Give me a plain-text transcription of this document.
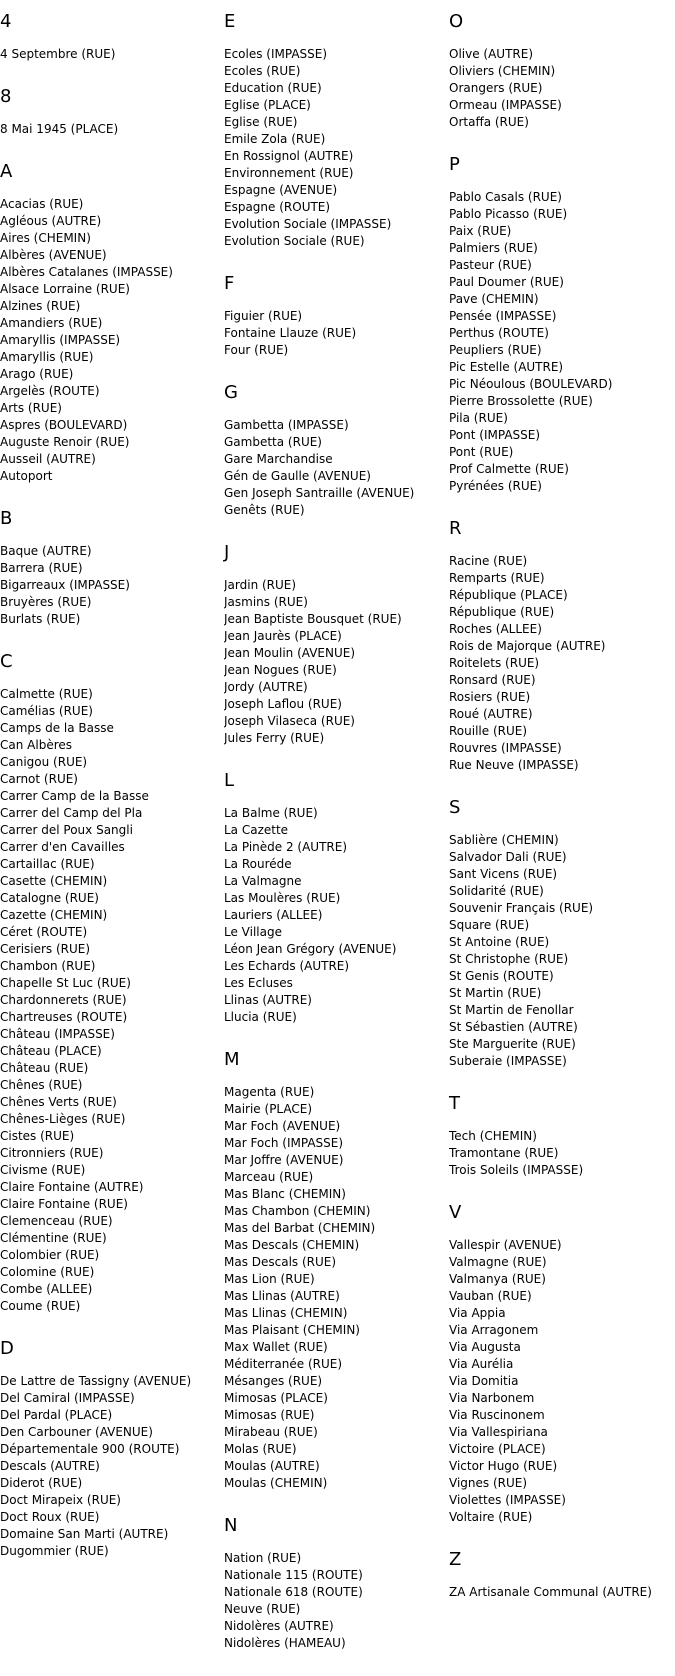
4
4 Septembre (RUE)
8
8 Mai 1945 (PLACE)
A
Acacias (RUE)
Agléous (AUTRE)
Aires (CHEMIN)
Albères (AVENUE)
Albères Catalanes (IMPASSE)
Alsace Lorraine (RUE)
Alzines (RUE)
Amandiers (RUE)
Amaryllis (IMPASSE)
Amaryllis (RUE)
Arago (RUE)
Argelès (ROUTE)
Arts (RUE)
Aspres (BOULEVARD)
Auguste Renoir (RUE)
Ausseil (AUTRE)
Autoport
B
Baque (AUTRE)
Barrera (RUE)
Bigarreaux (IMPASSE)
Bruyères (RUE)
Burlats (RUE)
C
Calmette (RUE)
Camélias (RUE)
Camps de la Basse
Can Albères
Canigou (RUE)
Carnot (RUE)
Carrer Camp de la Basse
Carrer del Camp del Pla
Carrer del Poux Sangli
Carrer d'en Cavailles
Cartaillac (RUE)
Casette (CHEMIN)
Catalogne (RUE)
Cazette (CHEMIN)
Céret (ROUTE)
Cerisiers (RUE)
Chambon (RUE)
Chapelle St Luc (RUE)
Chardonnerets (RUE)
Chartreuses (ROUTE)
Château (IMPASSE)
Château (PLACE)
Château (RUE)
Chênes (RUE)
Chênes Verts (RUE)
Chênes-Lièges (RUE)
Cistes (RUE)
Citronniers (RUE)
Civisme (RUE)
Claire Fontaine (AUTRE)
Claire Fontaine (RUE)
Clemenceau (RUE)
Clémentine (RUE)
Colombier (RUE)
Colomine (RUE)
Combe (ALLEE)
Coume (RUE)
D
De Lattre de Tassigny (AVENUE)
Del Camiral (IMPASSE)
Del Pardal (PLACE)
Den Carbouner (AVENUE)
Départementale 900 (ROUTE)
Descals (AUTRE)
Diderot (RUE)
Doct Mirapeix (RUE)
Doct Roux (RUE)
Domaine San Marti (AUTRE)
Dugommier (RUE)
E
Ecoles (IMPASSE)
Ecoles (RUE)
Education (RUE)
Eglise (PLACE)
Eglise (RUE)
Emile Zola (RUE)
En Rossignol (AUTRE)
Environnement (RUE)
Espagne (AVENUE)
Espagne (ROUTE)
Evolution Sociale (IMPASSE)
Evolution Sociale (RUE)
F
Figuier (RUE)
Fontaine Llauze (RUE)
Four (RUE)
G
Gambetta (IMPASSE)
Gambetta (RUE)
Gare Marchandise
Gén de Gaulle (AVENUE)
Gen Joseph Santraille (AVENUE)
Genêts (RUE)
J
Jardin (RUE)
Jasmins (RUE)
Jean Baptiste Bousquet (RUE)
Jean Jaurès (PLACE)
Jean Moulin (AVENUE)
Jean Nogues (RUE)
Jordy (AUTRE)
Joseph Laflou (RUE)
Joseph Vilaseca (RUE)
Jules Ferry (RUE)
L
La Balme (RUE)
La Cazette
La Pinède 2 (AUTRE)
La Rouréde
La Valmagne
Las Moulères (RUE)
Lauriers (ALLEE)
Le Village
Léon Jean Grégory (AVENUE)
Les Echards (AUTRE)
Les Ecluses
Llinas (AUTRE)
Llucia (RUE)
M
Magenta (RUE)
Mairie (PLACE)
Mar Foch (AVENUE)
Mar Foch (IMPASSE)
Mar Joffre (AVENUE)
Marceau (RUE)
Mas Blanc (CHEMIN)
Mas Chambon (CHEMIN)
Mas del Barbat (CHEMIN)
Mas Descals (CHEMIN)
Mas Descals (RUE)
Mas Lion (RUE)
Mas Llinas (AUTRE)
Mas Llinas (CHEMIN)
Mas Plaisant (CHEMIN)
Max Wallet (RUE)
Méditerranée (RUE)
Mésanges (RUE)
Mimosas (PLACE)
Mimosas (RUE)
Mirabeau (RUE)
Molas (RUE)
Moulas (AUTRE)
Moulas (CHEMIN)
N
Nation (RUE)
Nationale 115 (ROUTE)
Nationale 618 (ROUTE)
Neuve (RUE)
Nidolères (AUTRE)
Nidolères (HAMEAU)
O
Olive (AUTRE)
Oliviers (CHEMIN)
Orangers (RUE)
Ormeau (IMPASSE)
Ortaffa (RUE)
P
Pablo Casals (RUE)
Pablo Picasso (RUE)
Paix (RUE)
Palmiers (RUE)
Pasteur (RUE)
Paul Doumer (RUE)
Pave (CHEMIN)
Pensée (IMPASSE)
Perthus (ROUTE)
Peupliers (RUE)
Pic Estelle (AUTRE)
Pic Néoulous (BOULEVARD)
Pierre Brossolette (RUE)
Pila (RUE)
Pont (IMPASSE)
Pont (RUE)
Prof Calmette (RUE)
Pyrénées (RUE)
R
Racine (RUE)
Remparts (RUE)
République (PLACE)
République (RUE)
Roches (ALLEE)
Rois de Majorque (AUTRE)
Roitelets (RUE)
Ronsard (RUE)
Rosiers (RUE)
Roué (AUTRE)
Rouille (RUE)
Rouvres (IMPASSE)
Rue Neuve (IMPASSE)
S
Sablière (CHEMIN)
Salvador Dali (RUE)
Sant Vicens (RUE)
Solidarité (RUE)
Souvenir Français (RUE)
Square (RUE)
St Antoine (RUE)
St Christophe (RUE)
St Genis (ROUTE)
St Martin (RUE)
St Martin de Fenollar
St Sébastien (AUTRE)
Ste Marguerite (RUE)
Suberaie (IMPASSE)
T
Tech (CHEMIN)
Tramontane (RUE)
Trois Soleils (IMPASSE)
V
Vallespir (AVENUE)
Valmagne (RUE)
Valmanya (RUE)
Vauban (RUE)
Via Appia
Via Arragonem
Via Augusta
Via Aurélia
Via Domitia
Via Narbonem
Via Ruscinonem
Via Vallespiriana
Victoire (PLACE)
Victor Hugo (RUE)
Vignes (RUE)
Violettes (IMPASSE)
Voltaire (RUE)
Z
ZA Artisanale Communal (AUTRE)
